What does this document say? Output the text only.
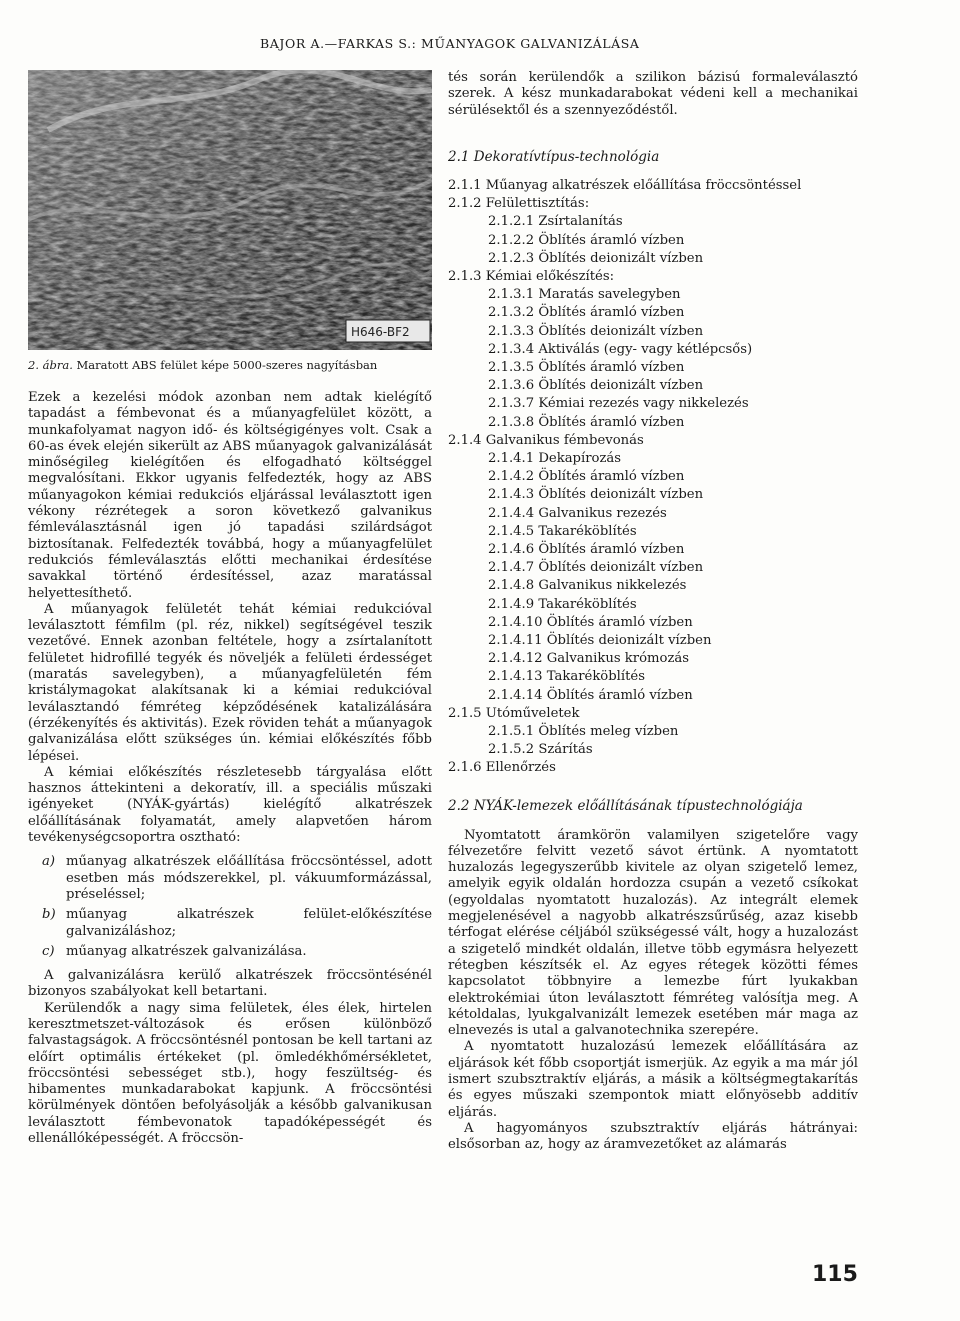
BAJOR A.—FARKAS S.: MŰANYAGOK GALVANIZÁLÁSA
H646-BF2
2. ábra. Maratott ABS felület képe 5000-szeres nagyításban

Ezek a kezelési módok azonban nem adtak kielégítő tapadást a fémbevonat és a műanyagfelület között, a munkafolyamat nagyon idő- és költségigényes volt. Csak a 60-as évek elején sikerült az ABS műanyagok galvanizálását minőségileg kielégítően és elfogadható költséggel megvalósítani. Ekkor ugyanis felfedezték, hogy az ABS műanyagokon kémiai redukciós eljárással leválasztott igen vékony rézrétegek a soron következő galvanikus fémleválasztásnál igen jó tapadási szilárdságot biztosítanak. Felfedezték továbbá, hogy a műanyagfelület redukciós fémleválasztás előtti mechanikai érdesítése savakkal történő érdesítéssel, azaz maratással helyettesíthető.

A műanyagok felületét tehát kémiai redukcióval leválasztott fémfilm (pl. réz, nikkel) segítségével teszik vezetővé. Ennek azonban feltétele, hogy a zsírtalanított felületet hidrofillé tegyék és növeljék a felületi érdességet (maratás savelegyben), a műanyagfelületén fém kristálymagokat alakítsanak ki a kémiai redukcióval leválasztandó fémréteg képződésének katalizálására (érzékenyítés és aktivitás). Ezek röviden tehát a műanyagok galvanizálása előtt szükséges ún. kémiai előkészítés főbb lépései.

A kémiai előkészítés részletesebb tárgyalása előtt hasznos áttekinteni a dekoratív, ill. a speciális műszaki igényeket (NYÁK-gyártás) kielégítő alkatrészek előállításának folyamatát, amely alapvetően három tevékenységcsoportra osztható:

a) műanyag alkatrészek előállítása fröccsöntéssel, adott esetben más módszerekkel, pl. vákuumformázással, préseléssel;
b) műanyag alkatrészek felület-előkészítése galvanizáláshoz;
c) műanyag alkatrészek galvanizálása.

A galvanizálásra kerülő alkatrészek fröccsöntésénél bizonyos szabályokat kell betartani.

Kerülendők a nagy sima felületek, éles élek, hirtelen keresztmetszet-változások és erősen különböző falvastagságok. A fröccsöntésnél pontosan be kell tartani az előírt optimális értékeket (pl. ömledékhőmérsékletet, fröccsöntési sebességet stb.), hogy feszültség- és hibamentes munkadarabokat kapjunk. A fröccsöntési körülmények döntően befolyásolják a később galvanikusan leválasztott fémbevonatok tapadóképességét és ellenállóképességét. A fröccsön-

tés során kerülendők a szilikon bázisú formaleválasztó szerek. A kész munkadarabokat védeni kell a mechanikai sérülésektől és a szennyeződéstől.

2.1 Dekoratívtípus-technológia
2.1.1 Műanyag alkatrészek előállítása fröccsöntéssel
2.1.2 Felülettisztítás:
2.1.2.1 Zsírtalanítás
2.1.2.2 Öblítés áramló vízben
2.1.2.3 Öblítés deionizált vízben
2.1.3 Kémiai előkészítés:
2.1.3.1 Maratás savelegyben
2.1.3.2 Öblítés áramló vízben
2.1.3.3 Öblítés deionizált vízben
2.1.3.4 Aktiválás (egy- vagy kétlépcsős)
2.1.3.5 Öblítés áramló vízben
2.1.3.6 Öblítés deionizált vízben
2.1.3.7 Kémiai rezezés vagy nikkelezés
2.1.3.8 Öblítés áramló vízben
2.1.4 Galvanikus fémbevonás
2.1.4.1 Dekapírozás
2.1.4.2 Öblítés áramló vízben
2.1.4.3 Öblítés deionizált vízben
2.1.4.4 Galvanikus rezezés
2.1.4.5 Takaréköblítés
2.1.4.6 Öblítés áramló vízben
2.1.4.7 Öblítés deionizált vízben
2.1.4.8 Galvanikus nikkelezés
2.1.4.9 Takaréköblítés
2.1.4.10 Öblítés áramló vízben
2.1.4.11 Öblítés deionizált vízben
2.1.4.12 Galvanikus krómozás
2.1.4.13 Takaréköblítés
2.1.4.14 Öblítés áramló vízben
2.1.5 Utóműveletek
2.1.5.1 Öblítés meleg vízben
2.1.5.2 Szárítás
2.1.6 Ellenőrzés
2.2 NYÁK-lemezek előállításának típustechnológiája

Nyomtatott áramkörön valamilyen szigetelőre vagy félvezetőre felvitt vezető sávot értünk. A nyomtatott huzalozás legegyszerűbb kivitele az olyan szigetelő lemez, amelyik egyik oldalán hordozza csupán a vezető csíkokat (egyoldalas nyomtatott huzalozás). Az integrált elemek megjelenésével a nagyobb alkatrészsűrűség, azaz kisebb térfogat elérése céljából szükségessé vált, hogy a huzalozást a szigetelő mindkét oldalán, illetve több egymásra helyezett rétegben készítsék el. Az egyes rétegek közötti fémes kapcsolatot többnyire a lemezbe fúrt lyukakban elektrokémiai úton leválasztott fémréteg valósítja meg. A kétoldalas, lyukgalvanizált lemezek esetében már maga az elnevezés is utal a galvanotechnika szerepére.

A nyomtatott huzalozású lemezek előállítására az eljárások két főbb csoportját ismerjük. Az egyik a ma már jól ismert szubsztraktív eljárás, a másik a költségmegtakarítás és egyes műszaki szempontok miatt előnyösebb additív eljárás.

A hagyományos szubsztraktív eljárás hátrányai: elsősorban az, hogy az áramvezetőket az alámarás

115
